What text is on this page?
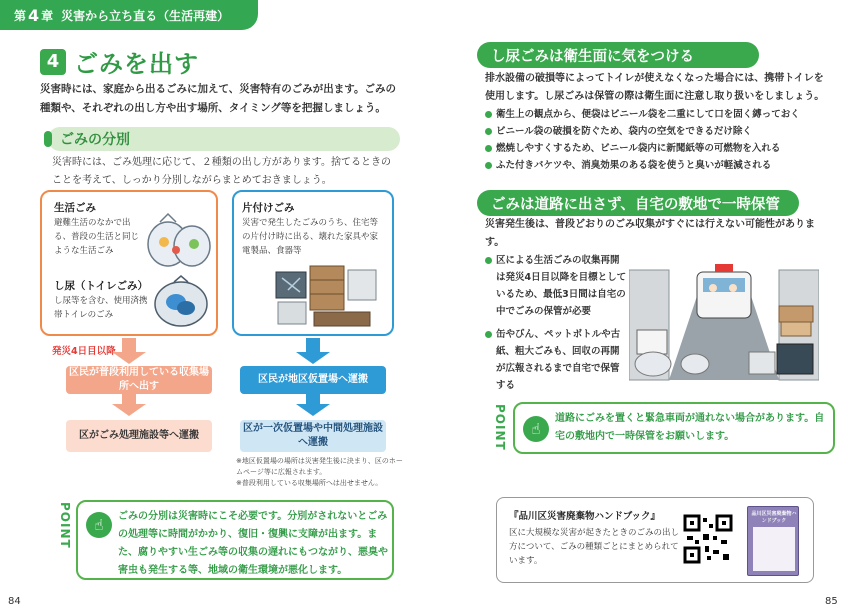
第 4 章 災害から立ち直る（生活再建）
4 ごみを出す
災害時には、家庭から出るごみに加えて、災害特有のごみが出ます。ごみの種類や、それぞれの出し方や出す場所、タイミング等を把握しましょう。
ごみの分別
災害時には、ごみ処理に応じて、２種類の出し方があります。捨てるときのことを考えて、しっかり分別しながらまとめておきましょう。
生活ごみ
避難生活のなかで出る、普段の生活と同じような生活ごみ
し尿（トイレごみ）
し尿等を含む、使用済携帯トイレのごみ
片付けごみ
災害で発生したごみのうち、住宅等の片付け時に出る、壊れた家具や家電製品、食器等
発災4日目以降
区民が普段利用している収集場所へ出す
区がごみ処理施設等へ運搬
区民が地区仮置場へ運搬
区が一次仮置場や中間処理施設へ運搬
※地区仮置場の場所は災害発生後に決まり、区のホームページ等に広報されます。
※普段利用している収集場所へは出せません。
☝	ごみの分別は災害時にこそ必要です。分別がされないとごみの処理等に時間がかかり、復旧・復興に支障が出ます。また、腐りやすい生ごみ等の収集の遅れにもつながり、悪臭や害虫も発生する等、地域の衛生環境が悪化します。
POINT
84
し尿ごみは衛生面に気をつける
排水設備の破損等によってトイレが使えなくなった場合には、携帯トイレを使用します。し尿ごみは保管の際は衛生面に注意し取り扱いをしましょう。
衛生上の観点から、便袋はビニール袋を二重にして口を固く縛っておく
ビニール袋の破損を防ぐため、袋内の空気をできるだけ除く
燃焼しやすくするため、ビニール袋内に新聞紙等の可燃物を入れる
ふた付きバケツや、消臭効果のある袋を使うと臭いが軽減される
ごみは道路に出さず、自宅の敷地で一時保管
災害発生後は、普段どおりのごみ収集がすぐには行えない可能性があります。
区による生活ごみの収集再開は発災4日目以降を目標としているため、最低3日間は自宅の中でごみの保管が必要
缶やびん、ペットボトルや古紙、粗大ごみも、回収の再開が広報されるまで自宅で保管する
☝
道路にごみを置くと緊急車両が通れない場合があります。自宅の敷地内で一時保管をお願いします。
POINT
『品川区災害廃棄物ハンドブック』
区に大規模な災害が起きたときのごみの出し方について、ごみの種類ごとにまとめられています。
品川区災害廃棄物ハンドブック
85
